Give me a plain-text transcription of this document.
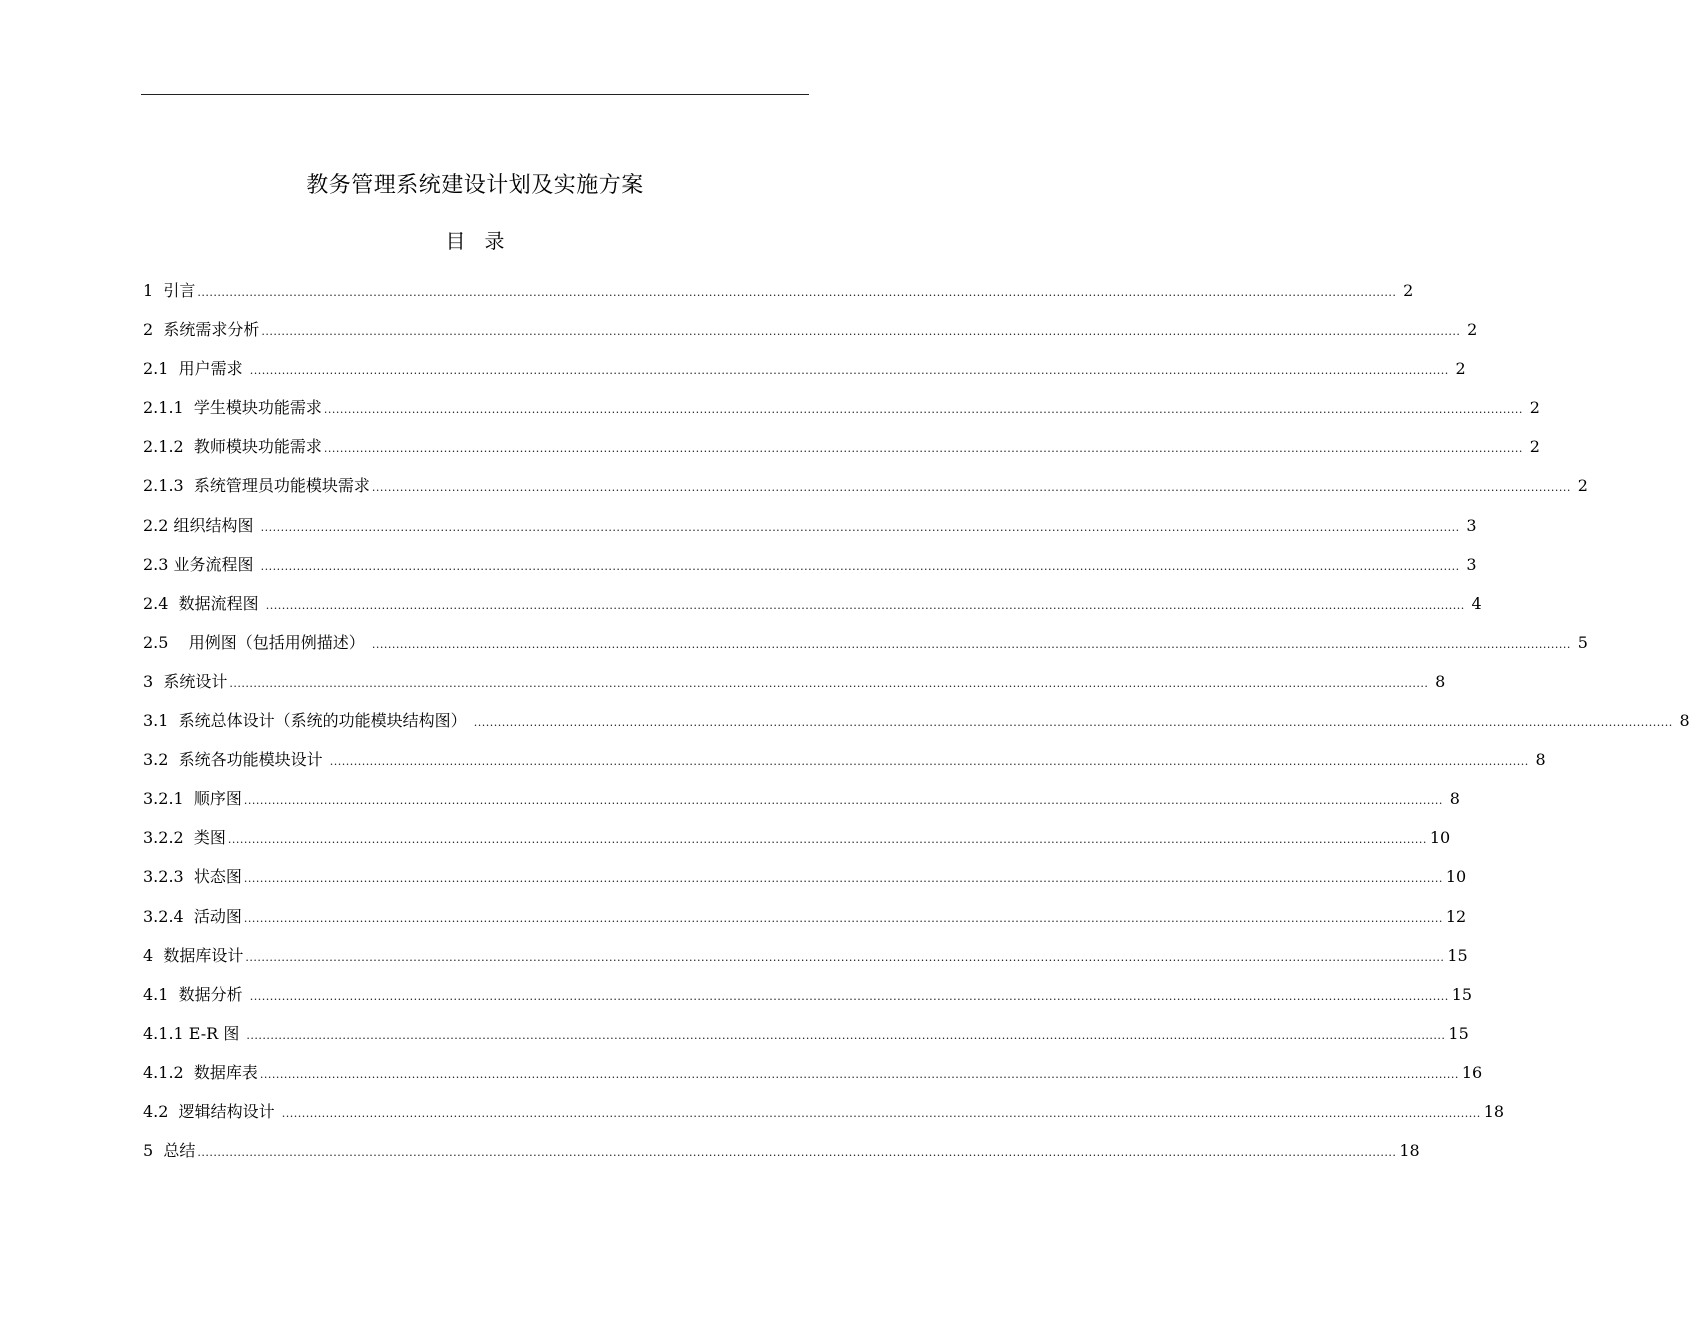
教务管理系统建设计划及实施方案
目   录
1  引言 ............................................................................................................................................................................................................................................................................................................ 2
2  系统需求分析 ............................................................................................................................................................................................................................................................................................................ 2
2.1  用户需求 ............................................................................................................................................................................................................................................................................................................ 2
2.1.1  学生模块功能需求 ............................................................................................................................................................................................................................................................................................................ 2
2.1.2  教师模块功能需求 ............................................................................................................................................................................................................................................................................................................ 2
2.1.3  系统管理员功能模块需求 ............................................................................................................................................................................................................................................................................................................ 2
2.2 组织结构图 ............................................................................................................................................................................................................................................................................................................ 3
2.3 业务流程图 ............................................................................................................................................................................................................................................................................................................ 3
2.4  数据流程图 ............................................................................................................................................................................................................................................................................................................ 4
2.5    用例图（包括用例描述） ............................................................................................................................................................................................................................................................................................................ 5
3  系统设计 ............................................................................................................................................................................................................................................................................................................ 8
3.1  系统总体设计（系统的功能模块结构图） ............................................................................................................................................................................................................................................................................................................ 8
3.2  系统各功能模块设计 ............................................................................................................................................................................................................................................................................................................ 8
3.2.1  顺序图 ............................................................................................................................................................................................................................................................................................................ 8
3.2.2  类图 ............................................................................................................................................................................................................................................................................................................ 10
3.2.3  状态图 ............................................................................................................................................................................................................................................................................................................ 10
3.2.4  活动图 ............................................................................................................................................................................................................................................................................................................ 12
4  数据库设计 ............................................................................................................................................................................................................................................................................................................ 15
4.1  数据分析 ............................................................................................................................................................................................................................................................................................................ 15
4.1.1 E-R 图 ............................................................................................................................................................................................................................................................................................................ 15
4.1.2  数据库表 ............................................................................................................................................................................................................................................................................................................ 16
4.2  逻辑结构设计 ............................................................................................................................................................................................................................................................................................................ 18
5  总结 ............................................................................................................................................................................................................................................................................................................ 18
